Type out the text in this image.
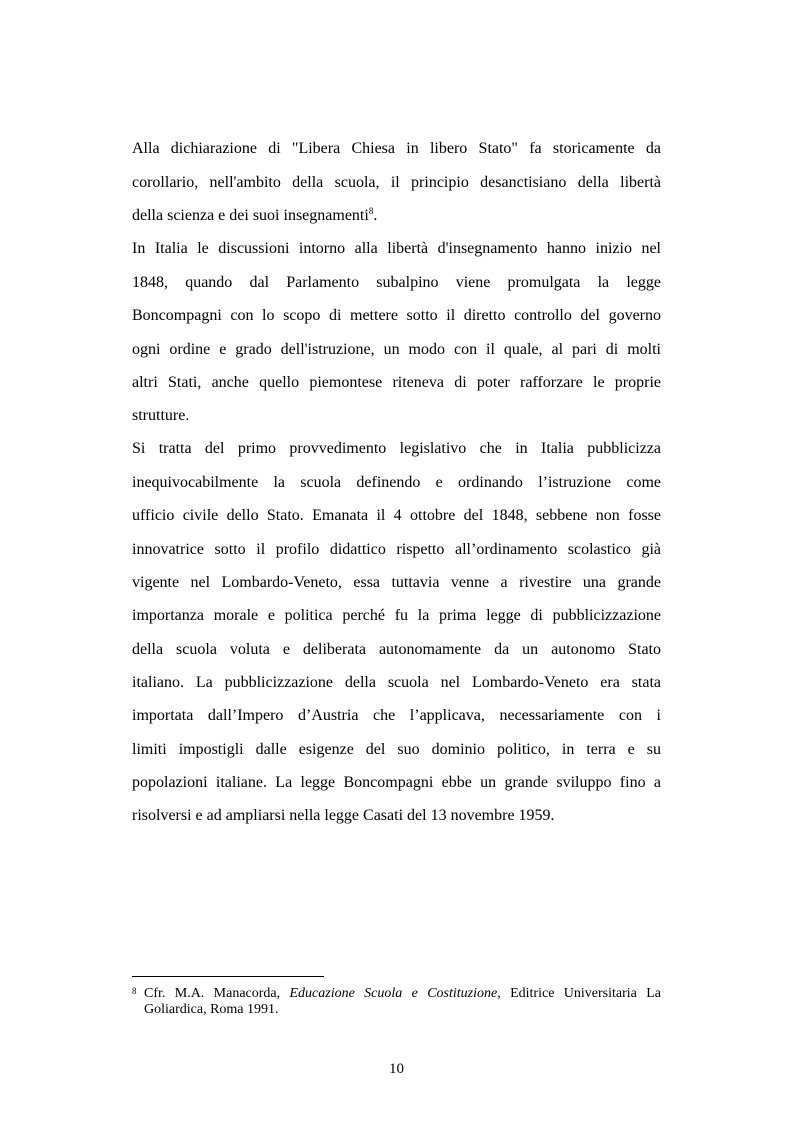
Alla dichiarazione di "Libera Chiesa in libero Stato" fa storicamente da
corollario, nell'ambito della scuola, il principio desanctisiano della libertà
della scienza e dei suoi insegnamenti$^8$.
In Italia le discussioni intorno alla libertà d'insegnamento hanno inizio nel
1848, quando dal Parlamento subalpino viene promulgata la legge
Boncompagni con lo scopo di mettere sotto il diretto controllo del governo
ogni ordine e grado dell'istruzione, un modo con il quale, al pari di molti
altri Stati, anche quello piemontese riteneva di poter rafforzare le proprie
strutture.
Si tratta del primo provvedimento legislativo che in Italia pubblicizza
inequivocabilmente la scuola definendo e ordinando l’istruzione come
ufficio civile dello Stato. Emanata il 4 ottobre del 1848, sebbene non fosse
innovatrice sotto il profilo didattico rispetto all’ordinamento scolastico già
vigente nel Lombardo-Veneto, essa tuttavia venne a rivestire una grande
importanza morale e politica perché fu la prima legge di pubblicizzazione
della scuola voluta e deliberata autonomamente da un autonomo Stato
italiano. La pubblicizzazione della scuola nel Lombardo-Veneto era stata
importata dall’Impero d’Austria che l’applicava, necessariamente con i
limiti impostigli dalle esigenze del suo dominio politico, in terra e su
popolazioni italiane. La legge Boncompagni ebbe un grande sviluppo fino a
risolversi e ad ampliarsi nella legge Casati del 13 novembre 1959.
8 Cfr. M.A. Manacorda, Educazione Scuola e Costituzione, Editrice Universitaria La
Goliardica, Roma 1991.
10
